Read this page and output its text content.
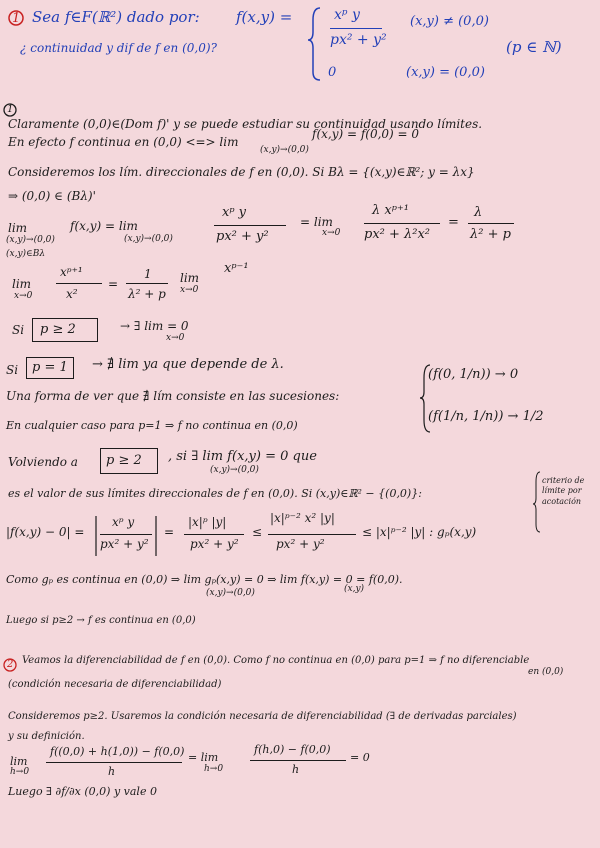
1 Sea f∈F(ℝ²) dado por: f(x,y) =	xᵖ y
px² + y²
(x,y) ≠ (0,0)
0	(x,y) = (0,0)
¿ continuidad y dif de f en (0,0)?	(p ∈ ℕ)
1
Claramente (0,0)∈(Dom f)' y se puede estudiar su continuidad usando límites.
En efecto f continua en (0,0) <=> lim
f(x,y) = f(0,0) = 0
(x,y)→(0,0)
Consideremos los lím. direccionales de f en (0,0). Si Bλ = {(x,y)∈ℝ²; y = λx}
⇒ (0,0) ∈ (Bλ)'
lim
(x,y)→(0,0)
(x,y)∈Bλ
f(x,y) = lim
(x,y)→(0,0)
xᵖ y
px² + y²
= lim
x→0
λ xᵖ⁺¹
px² + λ²x²
=
λ
λ² + p
lim
x→0
xᵖ⁺¹
x²
=
1
λ² + p
lim
x→0
xᵖ⁻¹
Si p ≥ 2	→ ∃ lim = 0
x→0
Si p = 1 → ∄ lim ya que depende de λ.
Una forma de ver que ∄ lím consiste en las sucesiones:
(f(0, 1/n)) → 0
(f(1/n, 1/n)) → 1/2
En cualquier caso para p=1 ⇒ f no continua en (0,0)
Volviendo a p ≥ 2 , si ∃ lim f(x,y) = 0 que
(x,y)→(0,0)
es el valor de sus límites direccionales de f en (0,0). Si (x,y)∈ℝ² − {(0,0)}:
criterio de límite por acotación
|f(x,y) − 0| =
xᵖ y
px² + y²
=
|x|ᵖ |y|
px² + y²
≤
|x|ᵖ⁻² x² |y|
px² + y²
≤ |x|ᵖ⁻² |y| : gₚ(x,y)
Como gₚ es continua en (0,0) ⇒ lim gₚ(x,y) = 0 ⇒ lim f(x,y) = 0 = f(0,0).
(x,y)→(0,0)	(x,y)
Luego si p≥2 → f es continua en (0,0)
2 Veamos la diferenciabilidad de f en (0,0). Como f no continua en (0,0) para p=1 ⇒ f no diferenciable
en (0,0)
(condición necesaria de diferenciabilidad)
Consideremos p≥2. Usaremos la condición necesaria de diferenciabilidad (∃ de derivadas parciales)
y su definición.
lim
h→0
f((0,0) + h(1,0)) − f(0,0)
h
= lim
h→0
f(h,0) − f(0,0)
h
= 0
Luego ∃ ∂f/∂x (0,0) y vale 0
